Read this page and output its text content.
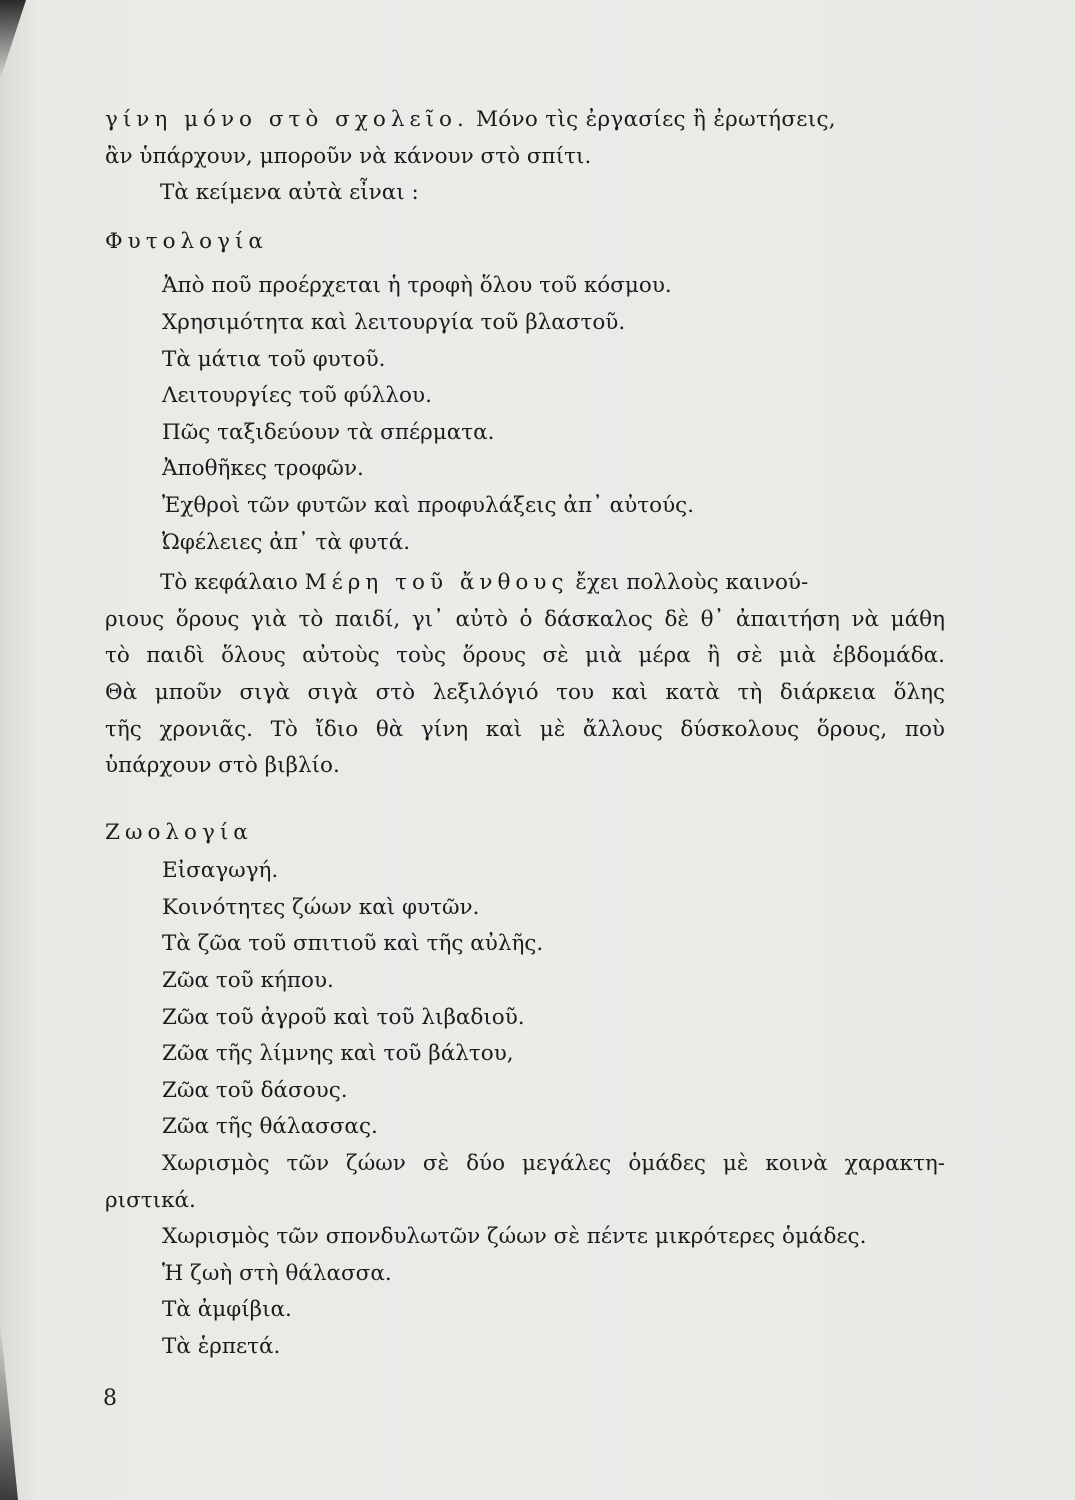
γίνη μόνο στὸ σχολεῖο. Μόνο τὶς ἐργασίες ἢ ἐρωτήσεις,
ἂν ὑπάρχουν, μποροῦν νὰ κάνουν στὸ σπίτι.
Τὰ κείμενα αὐτὰ εἶναι :
Φυτολογία
Ἀπὸ ποῦ προέρχεται ἡ τροφὴ ὅλου τοῦ κόσμου.
Χρησιμότητα καὶ λειτουργία τοῦ βλαστοῦ.
Τὰ μάτια τοῦ φυτοῦ.
Λειτουργίες τοῦ φύλλου.
Πῶς ταξιδεύουν τὰ σπέρματα.
Ἀποθῆκες τροφῶν.
Ἐχθροὶ τῶν φυτῶν καὶ προφυλάξεις ἀπ᾿ αὐτούς.
Ὠφέλειες ἀπ᾿ τὰ φυτά.
Τὸ κεφάλαιο Μέρη τοῦ ἄνθους ἔχει πολλοὺς καινού-
ριους ὅρους γιὰ τὸ παιδί, γι᾿ αὐτὸ ὁ δάσκαλος δὲ θ᾿ ἀπαιτήση νὰ μάθη
τὸ παιδὶ ὅλους αὐτοὺς τοὺς ὅρους σὲ μιὰ μέρα ἢ σὲ μιὰ ἑβδομάδα.
Θὰ μποῦν σιγὰ σιγὰ στὸ λεξιλόγιό του καὶ κατὰ τὴ διάρκεια ὅλης
τῆς χρονιᾶς. Τὸ ἴδιο θὰ γίνη καὶ μὲ ἄλλους δύσκολους ὅρους, ποὺ
ὑπάρχουν στὸ βιβλίο.
Ζωολογία
Εἰσαγωγή.
Κοινότητες ζώων καὶ φυτῶν.
Τὰ ζῶα τοῦ σπιτιοῦ καὶ τῆς αὐλῆς.
Ζῶα τοῦ κήπου.
Ζῶα τοῦ ἀγροῦ καὶ τοῦ λιβαδιοῦ.
Ζῶα τῆς λίμνης καὶ τοῦ βάλτου,
Ζῶα τοῦ δάσους.
Ζῶα τῆς θάλασσας.
Χωρισμὸς τῶν ζώων σὲ δύο μεγάλες ὁμάδες μὲ κοινὰ χαρακτη-
ριστικά.
Χωρισμὸς τῶν σπονδυλωτῶν ζώων σὲ πέντε μικρότερες ὁμάδες.
Ἡ ζωὴ στὴ θάλασσα.
Τὰ ἀμφίβια.
Τὰ ἑρπετά.
8
